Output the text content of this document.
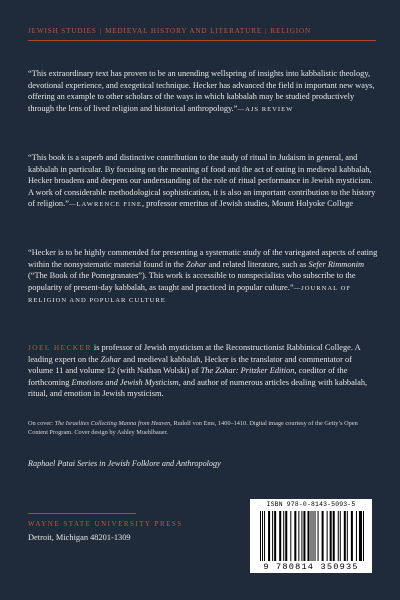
JEWISH STUDIES | MEDIEVAL HISTORY AND LITERATURE | RELIGION
“This extraordinary text has proven to be an unending wellspring of insights into kabbalistic theology, devotional experience, and exegetical technique. Hecker has advanced the field in important new ways, offering an example to other scholars of the ways in which kabbalah may be studied productively through the lens of lived religion and historical anthropology.”—AJS REVIEW
“This book is a superb and distinctive contribution to the study of ritual in Judaism in general, and kabbalah in particular. By focusing on the meaning of food and the act of eating in medieval kabbalah, Hecker broadens and deepens our understanding of the role of ritual performance in Jewish mysticism. A work of considerable methodological sophistication, it is also an important contribution to the history of religion.”—LAWRENCE FINE, professor emeritus of Jewish studies, Mount Holyoke College
“Hecker is to be highly commended for presenting a systematic study of the variegated aspects of eating within the nonsystematic material found in the Zohar and related literature, such as Sefer Rimmonim (“The Book of the Pomegranates”). This work is accessible to nonspecialists who subscribe to the popularity of present-day kabbalah, as taught and practiced in popular culture.”—JOURNAL OF RELIGION AND POPULAR CULTURE
JOEL HECKER is professor of Jewish mysticism at the Reconstructionist Rabbinical College. A leading expert on the Zohar and medieval kabbalah, Hecker is the translator and commentator of volume 11 and volume 12 (with Nathan Wolski) of The Zohar: Pritzker Edition, coeditor of the forthcoming Emotions and Jewish Mysticism, and author of numerous articles dealing with kabbalah, ritual, and emotion in Jewish mysticism.
On cover: The Israelites Collecting Manna from Heaven, Rudolf von Ems, 1400–1410. Digital image courtesy of the Getty’s Open Content Program. Cover design by Ashley Muehlbauer.
Raphael Patai Series in Jewish Folklore and Anthropology
WAYNE STATE UNIVERSITY PRESS
Detroit, Michigan 48201-1309
ISBN 978-0-8143-5093-5
9 780814 350935
